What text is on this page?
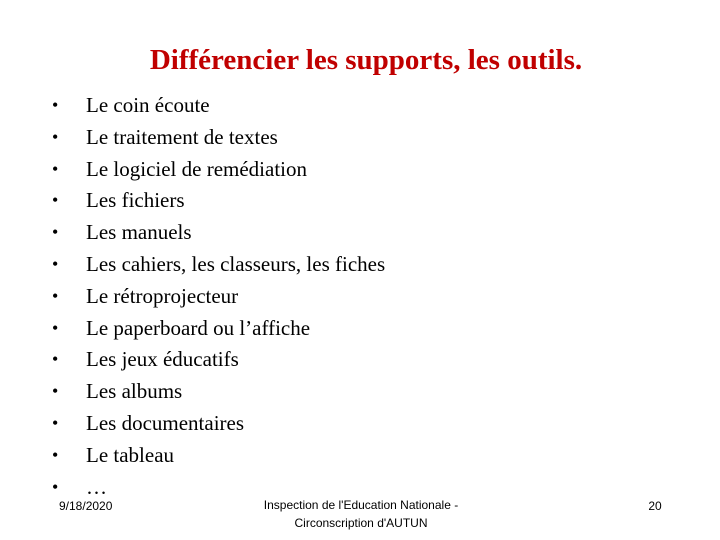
Différencier les supports, les outils.
•	Le coin écoute
•	Le traitement de textes
•	Le logiciel de remédiation
•	Les fichiers
•	Les manuels
•	Les cahiers, les classeurs, les fiches
•	Le rétroprojecteur
•	Le paperboard ou l’affiche
•	Les jeux éducatifs
•	Les albums
•	Les documentaires
•	Le tableau
•	…
9/18/2020	Inspection de l'Education Nationale -
Circonscription d'AUTUN
20
